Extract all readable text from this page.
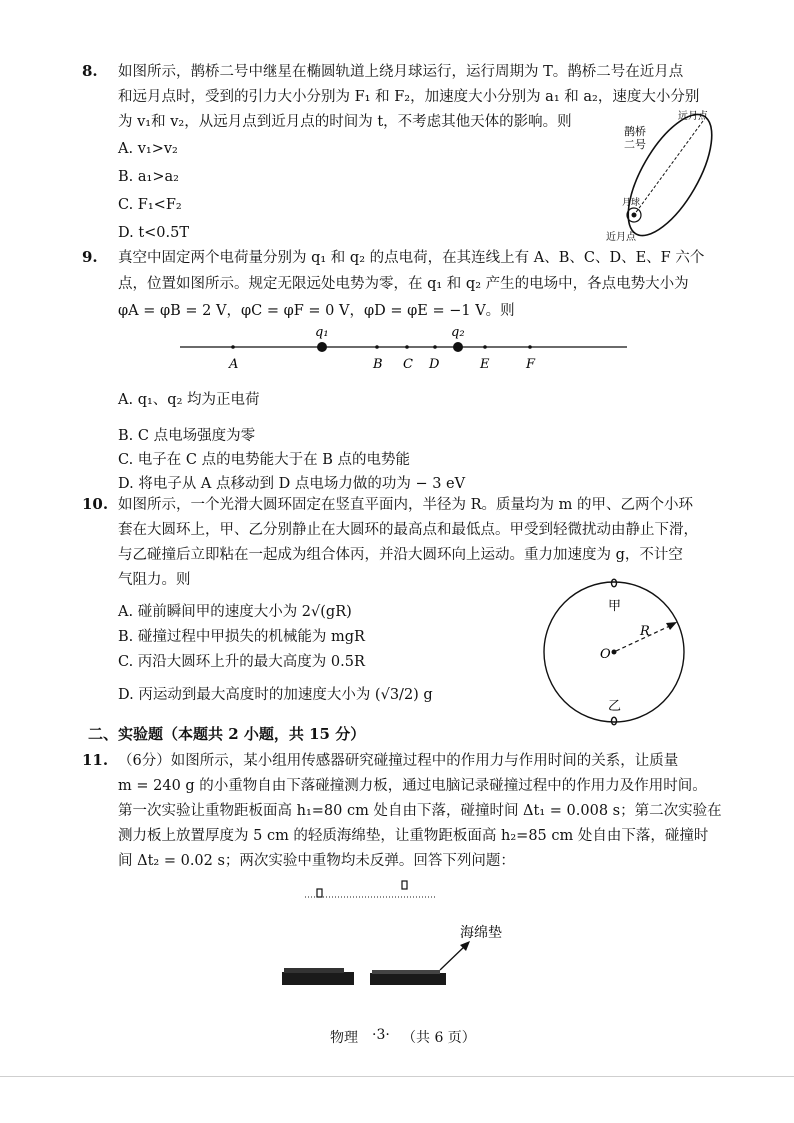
8. 如图所示，鹊桥二号中继星在椭圆轨道上绕月球运行，运行周期为 T。鹊桥二号在近月点
和远月点时，受到的引力大小分别为 F₁ 和 F₂，加速度大小分别为 a₁ 和 a₂，速度大小分别
为 v₁和 v₂，从远月点到近月点的时间为 t，不考虑其他天体的影响。则
A. v₁>v₂
B. a₁>a₂
C. F₁<F₂
D. t<0.5T
远月点
鹊桥
二号
月球
近月点
9. 真空中固定两个电荷量分别为 q₁ 和 q₂ 的点电荷，在其连线上有 A、B、C、D、E、F 六个
点，位置如图所示。规定无限远处电势为零，在 q₁ 和 q₂ 产生的电场中，各点电势大小为
φA = φB = 2 V，φC = φF = 0 V，φD = φE = −1 V。则
q₁	q₂
A	B C D	E	F
A. q₁、q₂ 均为正电荷
B. C 点电场强度为零
C. 电子在 C 点的电势能大于在 B 点的电势能
D. 将电子从 A 点移动到 D 点电场力做的功为 − 3 eV
10. 如图所示，一个光滑大圆环固定在竖直平面内，半径为 R。质量均为 m 的甲、乙两个小环
套在大圆环上，甲、乙分别静止在大圆环的最高点和最低点。甲受到轻微扰动由静止下滑，
与乙碰撞后立即粘在一起成为组合体丙，并沿大圆环向上运动。重力加速度为 g，不计空
气阻力。则
A. 碰前瞬间甲的速度大小为 2√(gR)
B. 碰撞过程中甲损失的机械能为 mgR
C. 丙沿大圆环上升的最大高度为 0.5R
D. 丙运动到最大高度时的加速度大小为 (√3/2) g
甲
乙
O
R
二、实验题（本题共 2 小题，共 15 分）
11. （6分）如图所示，某小组用传感器研究碰撞过程中的作用力与作用时间的关系，让质量
m = 240 g 的小重物自由下落碰撞测力板，通过电脑记录碰撞过程中的作用力及作用时间。
第一次实验让重物距板面高 h₁=80 cm 处自由下落，碰撞时间 Δt₁ = 0.008 s；第二次实验在
测力板上放置厚度为 5 cm 的轻质海绵垫，让重物距板面高 h₂=85 cm 处自由下落，碰撞时
间 Δt₂ = 0.02 s；两次实验中重物均未反弹。回答下列问题：
海绵垫
物理 ·3· （共 6 页）
